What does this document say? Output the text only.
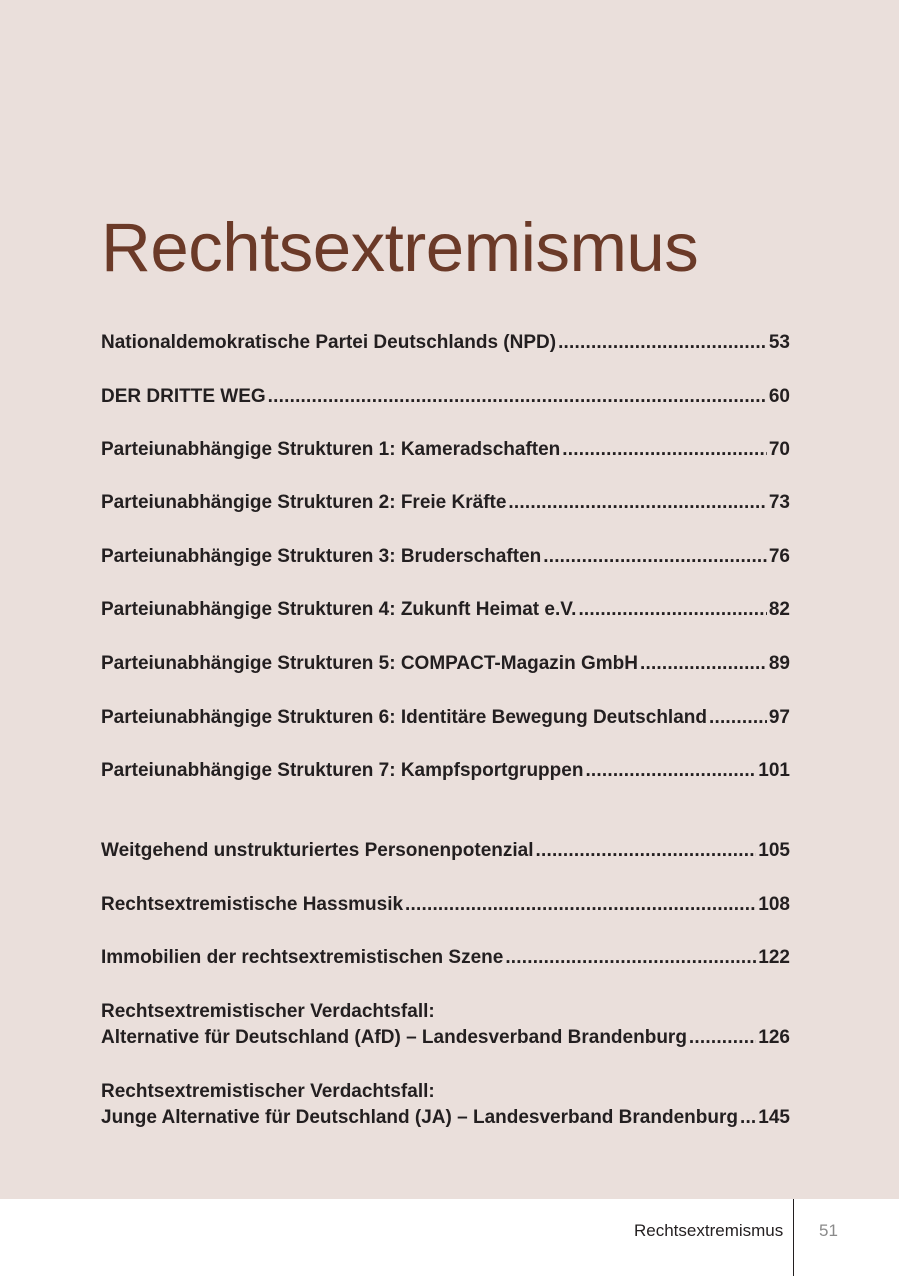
Rechtsextremismus
Nationaldemokratische Partei Deutschlands (NPD) .....	53
DER DRITTE WEG .....	60
Parteiunabhängige Strukturen 1: Kameradschaften .....	70
Parteiunabhängige Strukturen 2: Freie Kräfte .....	73
Parteiunabhängige Strukturen 3: Bruderschaften .....	76
Parteiunabhängige Strukturen 4: Zukunft Heimat e.V. .....	82
Parteiunabhängige Strukturen 5: COMPACT-Magazin GmbH .....	89
Parteiunabhängige Strukturen 6: Identitäre Bewegung Deutschland .....	97
Parteiunabhängige Strukturen 7: Kampfsportgruppen .....	101
Weitgehend unstrukturiertes Personenpotenzial .....	105
Rechtsextremistische Hassmusik .....	108
Immobilien der rechtsextremistischen Szene .....	122
Rechtsextremistischer Verdachtsfall:
Alternative für Deutschland (AfD) – Landesverband Brandenburg .....	126
Rechtsextremistischer Verdachtsfall:
Junge Alternative für Deutschland (JA) – Landesverband Brandenburg ..... 145
Rechtsextremismus 51
